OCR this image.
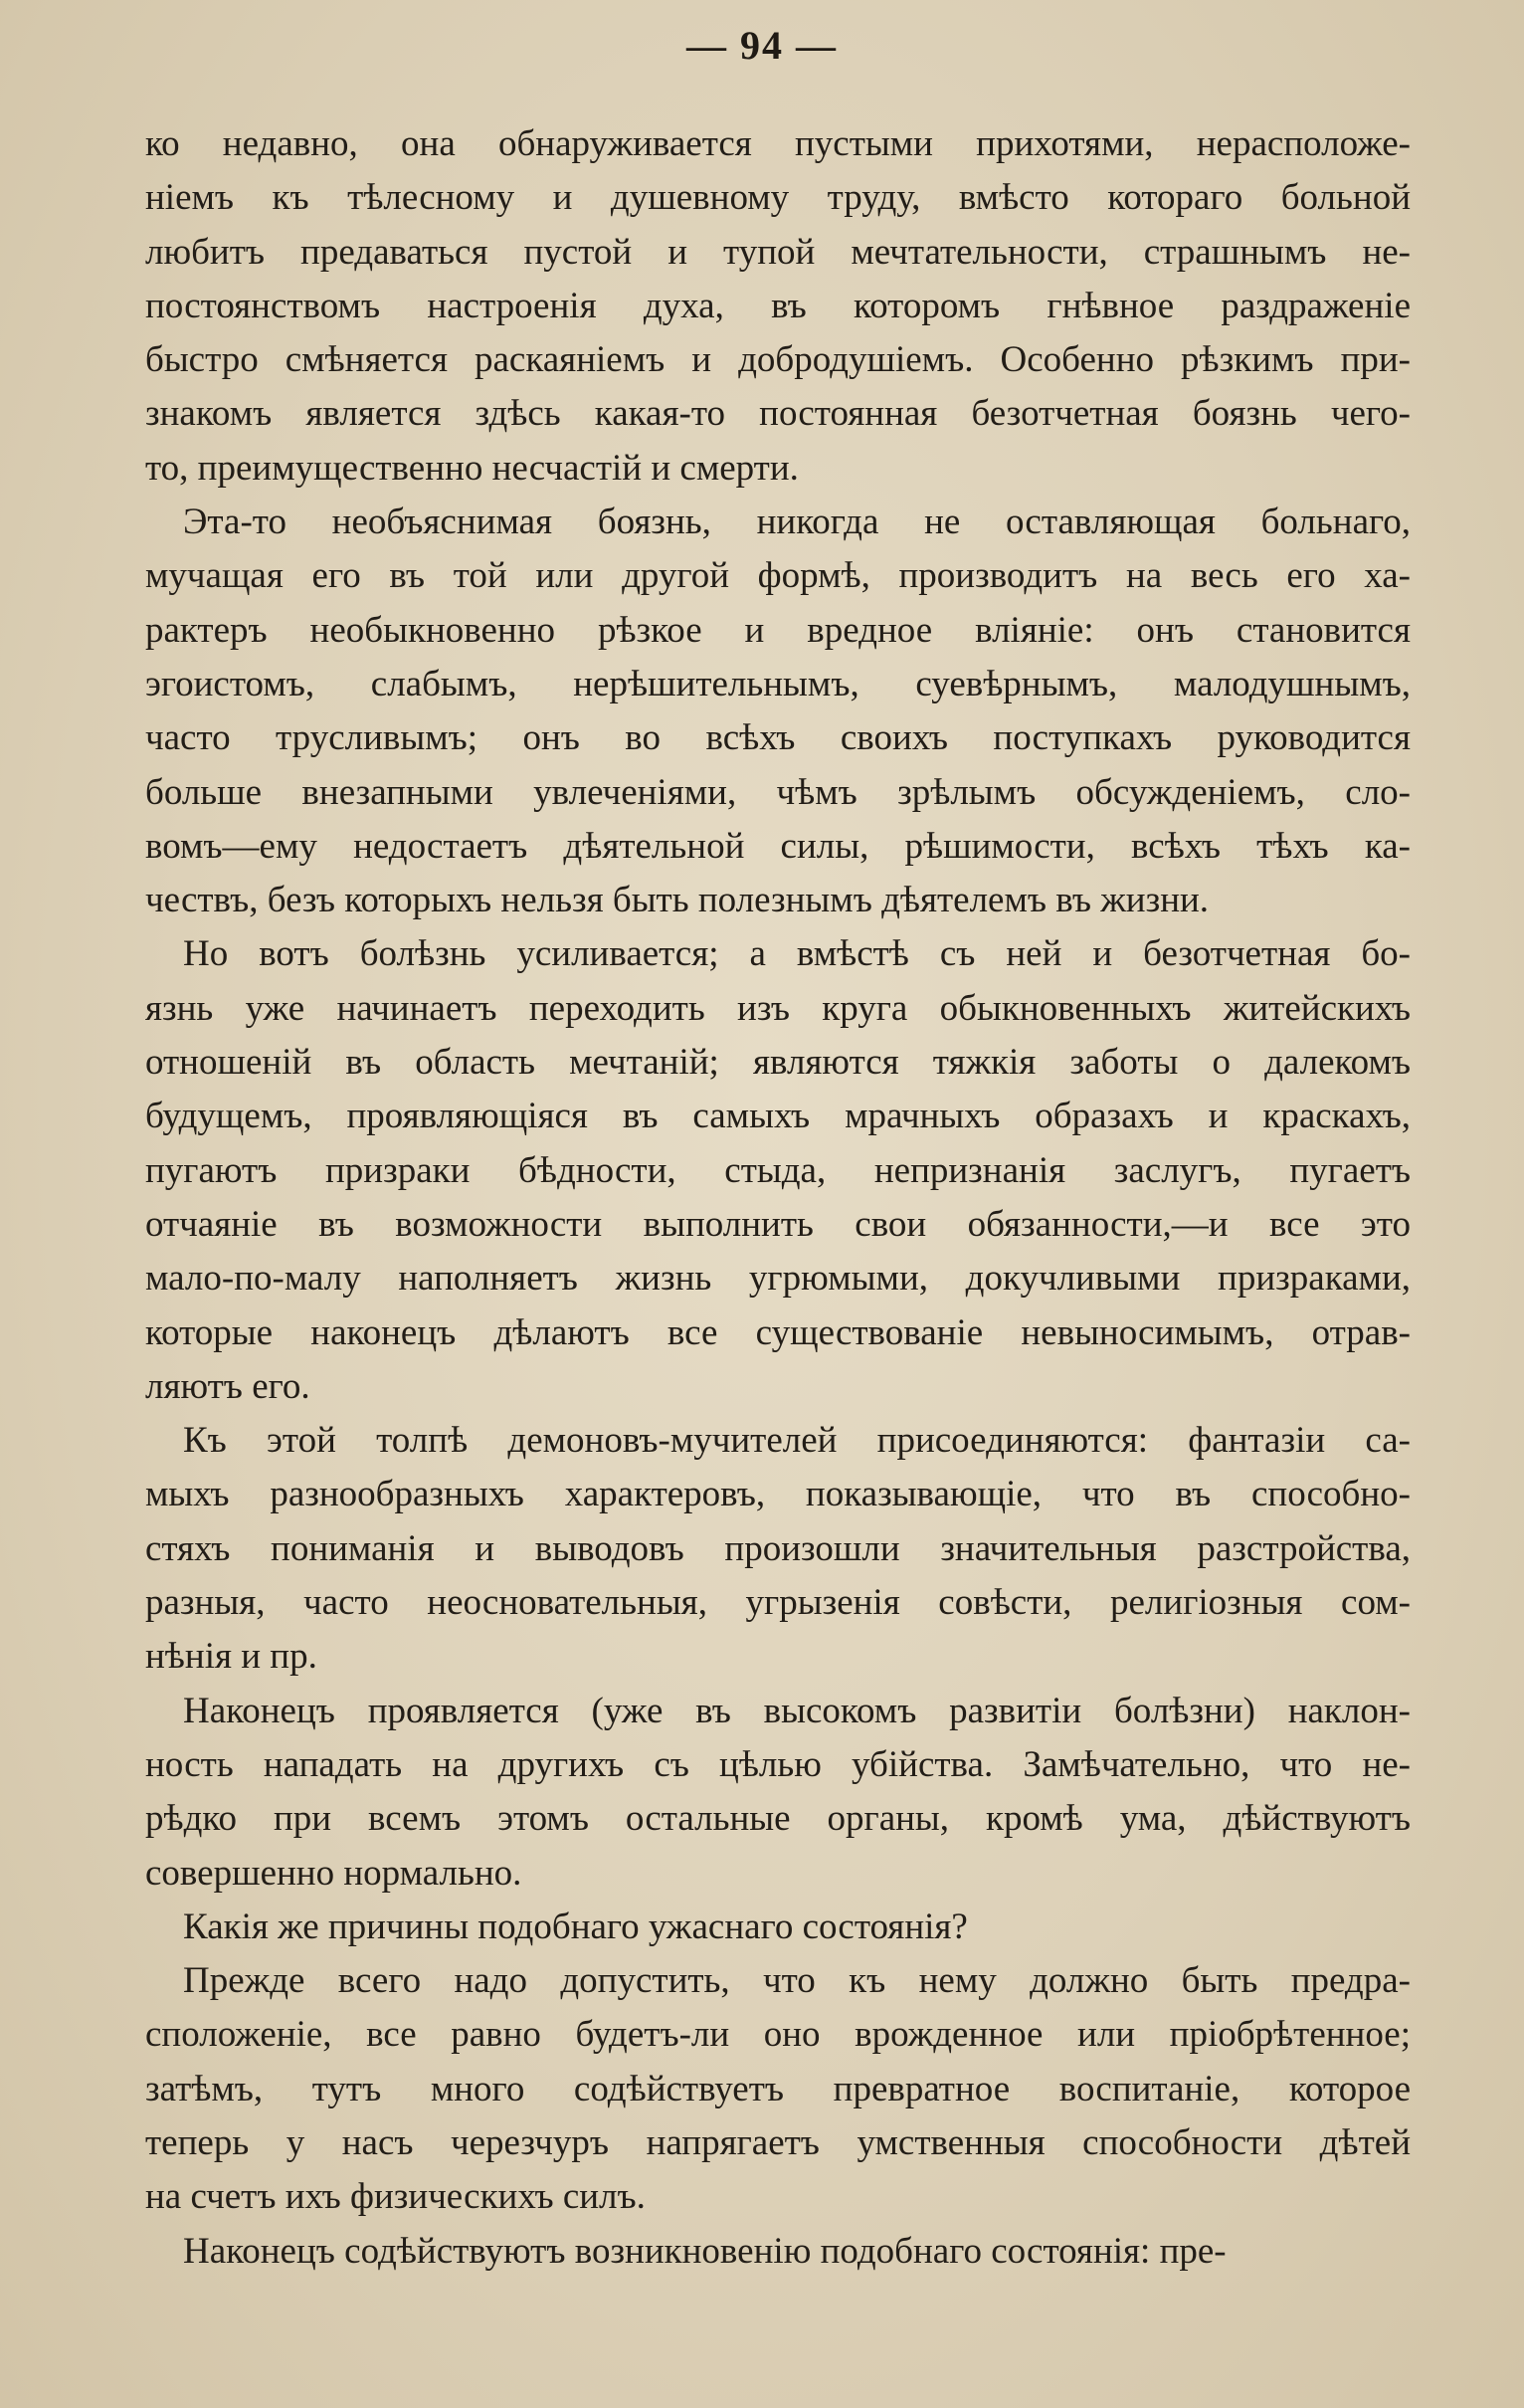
— 94 —
ко недавно, она обнаруживается пустыми прихотями, нерасположе-
ніемъ къ тѣлесному и душевному труду, вмѣсто котораго больной
любитъ предаваться пустой и тупой мечтательности, страшнымъ не-
постоянствомъ настроенія духа, въ которомъ гнѣвное раздраженіе
быстро смѣняется раскаяніемъ и добродушіемъ. Особенно рѣзкимъ при-
знакомъ является здѣсь какая-то постоянная безотчетная боязнь чего-
то, преимущественно несчастій и смерти.
Эта-то необъяснимая боязнь, никогда не оставляющая больнаго,
мучащая его въ той или другой формѣ, производитъ на весь его ха-
рактеръ необыкновенно рѣзкое и вредное вліяніе: онъ становится
эгоистомъ, слабымъ, нерѣшительнымъ, суевѣрнымъ, малодушнымъ,
часто трусливымъ; онъ во всѣхъ своихъ поступкахъ руководится
больше внезапными увлеченіями, чѣмъ зрѣлымъ обсужденіемъ, сло-
вомъ—ему недостаетъ дѣятельной силы, рѣшимости, всѣхъ тѣхъ ка-
чествъ, безъ которыхъ нельзя быть полезнымъ дѣятелемъ въ жизни.
Но вотъ болѣзнь усиливается; а вмѣстѣ съ ней и безотчетная бо-
язнь уже начинаетъ переходить изъ круга обыкновенныхъ житейскихъ
отношеній въ область мечтаній; являются тяжкія заботы о далекомъ
будущемъ, проявляющіяся въ самыхъ мрачныхъ образахъ и краскахъ,
пугаютъ призраки бѣдности, стыда, непризнанія заслугъ, пугаетъ
отчаяніе въ возможности выполнить свои обязанности,—и все это
мало-по-малу наполняетъ жизнь угрюмыми, докучливыми призраками,
которые наконецъ дѣлаютъ все существованіе невыносимымъ, отрав-
ляютъ его.
Къ этой толпѣ демоновъ-мучителей присоединяются: фантазіи са-
мыхъ разнообразныхъ характеровъ, показывающіе, что въ способно-
стяхъ пониманія и выводовъ произошли значительныя разстройства,
разныя, часто неосновательныя, угрызенія совѣсти, религіозныя сом-
нѣнія и пр.
Наконецъ проявляется (уже въ высокомъ развитіи болѣзни) наклон-
ность нападать на другихъ съ цѣлью убійства. Замѣчательно, что не-
рѣдко при всемъ этомъ остальные органы, кромѣ ума, дѣйствуютъ
совершенно нормально.
Какія же причины подобнаго ужаснаго состоянія?
Прежде всего надо допустить, что къ нему должно быть предра-
сположеніе, все равно будетъ-ли оно врожденное или пріобрѣтенное;
затѣмъ, тутъ много содѣйствуетъ превратное воспитаніе, которое
теперь у насъ черезчуръ напрягаетъ умственныя способности дѣтей
на счетъ ихъ физическихъ силъ.
Наконецъ содѣйствуютъ возникновенію подобнаго состоянія: пре-
